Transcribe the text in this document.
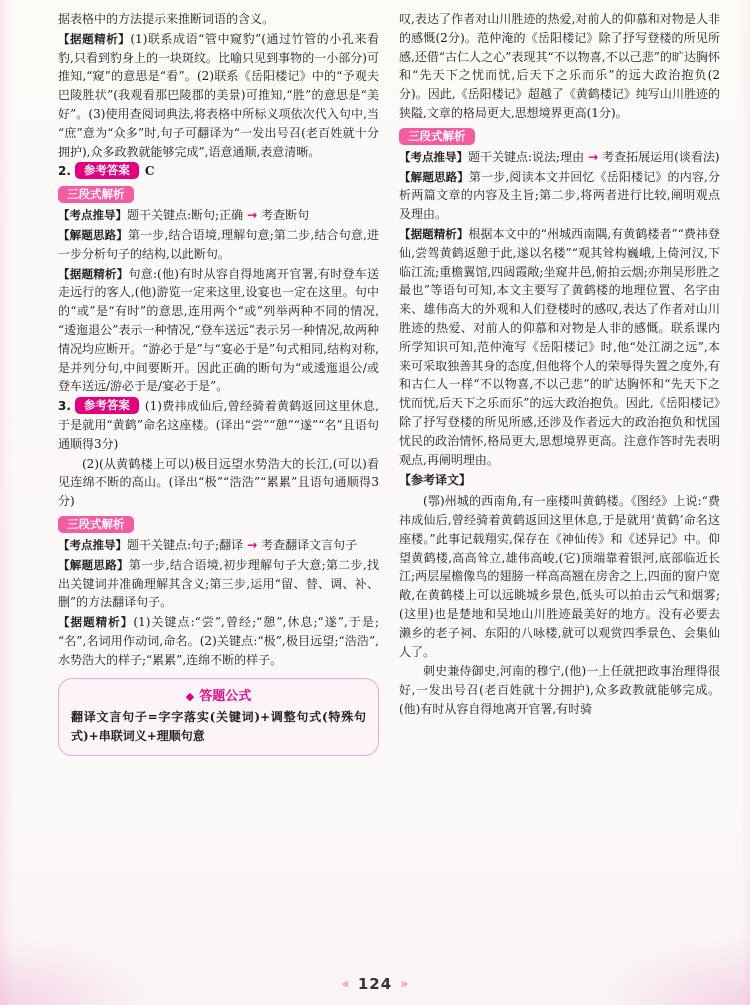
据表格中的方法提示来推断词语的含义。

【据题精析】(1)联系成语“管中窥豹”(通过竹管的小孔来看豹,只看到豹身上的一块斑纹。比喻只见到事物的一小部分)可推知,“窥”的意思是“看”。(2)联系《岳阳楼记》中的“予观夫巴陵胜状”(我观看那巴陵郡的美景)可推知,“胜”的意思是“美好”。(3)使用查阅词典法,将表格中所标义项依次代入句中,当“庶”意为“众多”时,句子可翻译为“一发出号召(老百姓就十分拥护),众多政教就能够完成”,语意通顺,表意清晰。

2. 参考答案 C

三段式解析

【考点推导】题干关键点:断句;正确 → 考查断句

【解题思路】第一步,结合语境,理解句意;第二步,结合句意,进一步分析句子的结构,以此断句。

【据题精析】句意:(他)有时从容自得地离开官署,有时登车送走远行的客人,(他)游览一定来这里,设宴也一定在这里。句中的“或”是“有时”的意思,连用两个“或”列举两种不同的情况,“逶迤退公”表示一种情况,“登车送远”表示另一种情况,故两种情况均应断开。“游必于是”与“宴必于是”句式相同,结构对称,是并列分句,中间要断开。因此正确的断句为“或逶迤退公/或登车送远/游必于是/宴必于是”。

3. 参考答案 (1)费祎成仙后,曾经骑着黄鹤返回这里休息,于是就用“黄鹤”命名这座楼。(译出“尝”“憩”“遂”“名”且语句通顺得3分)

(2)(从黄鹤楼上可以)极目远望水势浩大的长江,(可以)看见连绵不断的高山。(译出“极”“浩浩”“累累”且语句通顺得3分)

三段式解析

【考点推导】题干关键点:句子;翻译 → 考查翻译文言句子

【解题思路】第一步,结合语境,初步理解句子大意;第二步,找出关键词并准确理解其含义;第三步,运用“留、替、调、补、删”的方法翻译句子。

【据题精析】(1)关键点:“尝”,曾经;“憩”,休息;“遂”,于是;“名”,名词用作动词,命名。(2)关键点:“极”,极目远望;“浩浩”,水势浩大的样子;“累累”,连绵不断的样子。

◆ 答题公式

翻译文言句子=字字落实(关键词)+调整句式(特殊句式)+串联词义+理顺句意

叹,表达了作者对山川胜迹的热爱,对前人的仰慕和对物是人非的感慨(2分)。范仲淹的《岳阳楼记》除了抒写登楼的所见所感,还借“古仁人之心”表现其“不以物喜,不以己悲”的旷达胸怀和“先天下之忧而忧,后天下之乐而乐”的远大政治抱负(2分)。因此,《岳阳楼记》超越了《黄鹤楼记》纯写山川胜迹的狭隘,文章的格局更大,思想境界更高(1分)。

三段式解析

【考点推导】题干关键点:说法;理由 → 考查拓展运用(谈看法)

【解题思路】第一步,阅读本文并回忆《岳阳楼记》的内容,分析两篇文章的内容及主旨;第二步,将两者进行比较,阐明观点及理由。

【据题精析】根据本文中的“州城西南隅,有黄鹤楼者”“费祎登仙,尝驾黄鹤返憩于此,遂以名楼”“观其耸构巍峨,上倚河汉,下临江流;重檐翼馆,四闼霞敞;坐窥井邑,俯拍云烟;亦荆吴形胜之最也”等语句可知,本文主要写了黄鹤楼的地理位置、名字由来、雄伟高大的外观和人们登楼时的感叹,表达了作者对山川胜迹的热爱、对前人的仰慕和对物是人非的感慨。联系课内所学知识可知,范仲淹写《岳阳楼记》时,他“处江湖之远”,本来可采取独善其身的态度,但他将个人的荣辱得失置之度外,有和古仁人一样“不以物喜,不以己悲”的旷达胸怀和“先天下之忧而忧,后天下之乐而乐”的远大政治抱负。因此,《岳阳楼记》除了抒写登楼的所见所感,还涉及作者远大的政治抱负和忧国忧民的政治情怀,格局更大,思想境界更高。注意作答时先表明观点,再阐明理由。

【参考译文】

(鄂)州城的西南角,有一座楼叫黄鹤楼。《图经》上说:“费祎成仙后,曾经骑着黄鹤返回这里休息,于是就用‘黄鹤’命名这座楼。”此事记载翔实,保存在《神仙传》和《述异记》中。仰望黄鹤楼,高高耸立,雄伟高峻,(它)顶端靠着银河,底部临近长江;两层屋檐像鸟的翅膀一样高高翘在房舍之上,四面的窗户宽敞,在黄鹤楼上可以远眺城乡景色,低头可以拍击云气和烟雾;(这里)也是楚地和吴地山川胜迹最美好的地方。没有必要去濑乡的老子祠、东阳的八咏楼,就可以观赏四季景色、会集仙人了。

刺史兼侍御史,河南的穆宁,(他)一上任就把政事治理得很好,一发出号召(老百姓就十分拥护),众多政教就能够完成。(他)有时从容自得地离开官署,有时骑

« 124 »
